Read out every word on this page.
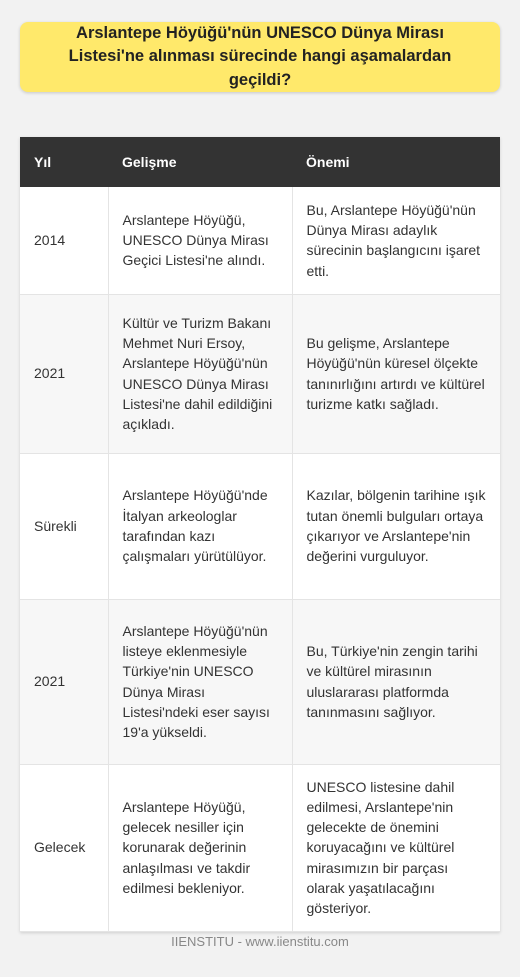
Arslantepe Höyüğü'nün UNESCO Dünya Mirası Listesi'ne alınması sürecinde hangi aşamalardan geçildi?
Yıl	Gelişme	Önemi
2014	Arslantepe Höyüğü, UNESCO Dünya Mirası Geçici Listesi'ne alındı.	Bu, Arslantepe Höyüğü'nün Dünya Mirası adaylık sürecinin başlangıcını işaret etti.
2021	Kültür ve Turizm Bakanı Mehmet Nuri Ersoy, Arslantepe Höyüğü'nün UNESCO Dünya Mirası Listesi'ne dahil edildiğini açıkladı.	Bu gelişme, Arslantepe Höyüğü'nün küresel ölçekte tanınırlığını artırdı ve kültürel turizme katkı sağladı.
Sürekli	Arslantepe Höyüğü'nde İtalyan arkeologlar tarafından kazı çalışmaları yürütülüyor.	Kazılar, bölgenin tarihine ışık tutan önemli bulguları ortaya çıkarıyor ve Arslantepe'nin değerini vurguluyor.
2021	Arslantepe Höyüğü'nün listeye eklenmesiyle Türkiye'nin UNESCO Dünya Mirası Listesi'ndeki eser sayısı 19'a yükseldi.	Bu, Türkiye'nin zengin tarihi ve kültürel mirasının uluslararası platformda tanınmasını sağlıyor.
Gelecek	Arslantepe Höyüğü, gelecek nesiller için korunarak değerinin anlaşılması ve takdir edilmesi bekleniyor.	UNESCO listesine dahil edilmesi, Arslantepe'nin gelecekte de önemini koruyacağını ve kültürel mirasımızın bir parçası olarak yaşatılacağını gösteriyor.
IIENSTITU - www.iienstitu.com
